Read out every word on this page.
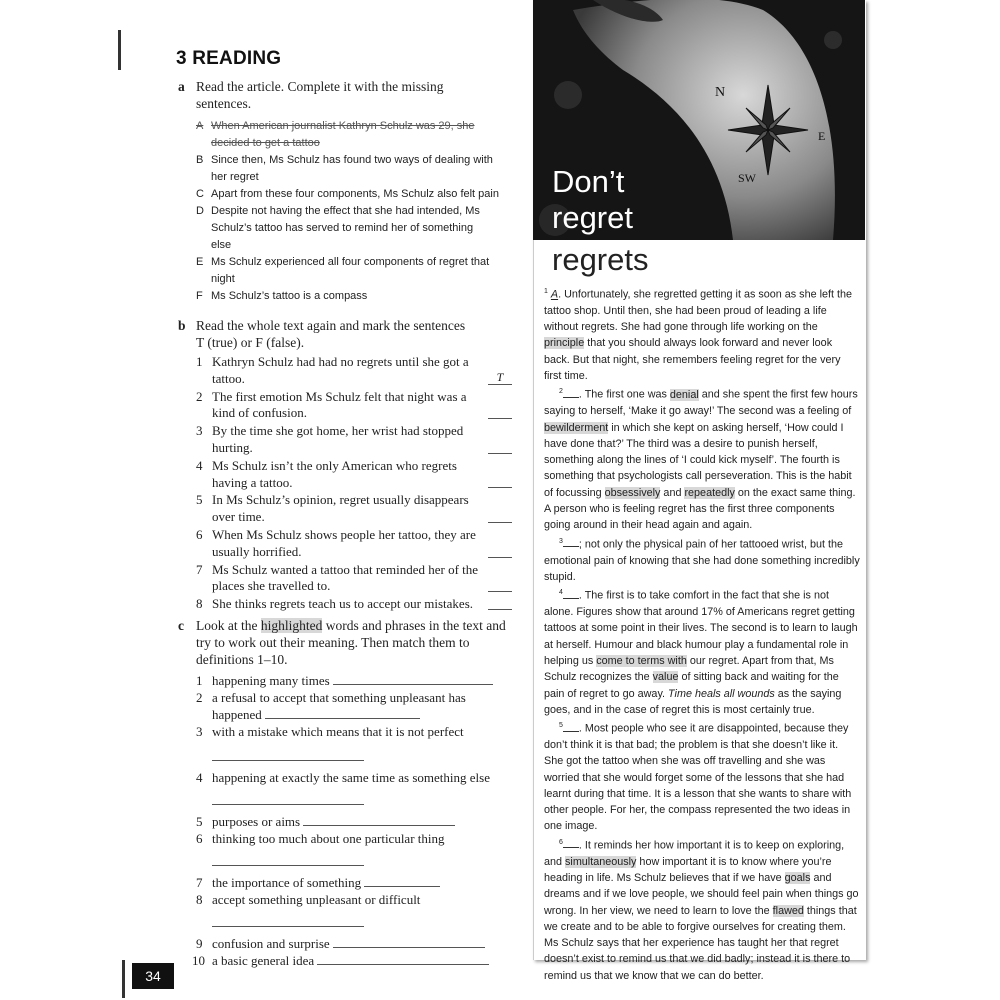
34
3 READING
a Read the article. Complete it with the missing sentences.
A When American journalist Kathryn Schulz was 29, she decided to get a tattoo
B Since then, Ms Schulz has found two ways of dealing with her regret
C Apart from these four components, Ms Schulz also felt pain
D Despite not having the effect that she had intended, Ms Schulz’s tattoo has served to remind her of something else
E Ms Schulz experienced all four components of regret that night
F Ms Schulz’s tattoo is a compass
b Read the whole text again and mark the sentences
T (true) or F (false).
1 Kathryn Schulz had had no regrets until she got a tattoo.	T
2 The first emotion Ms Schulz felt that night was a kind of confusion.
3 By the time she got home, her wrist had stopped hurting.
4 Ms Schulz isn’t the only American who regrets having a tattoo.
5 In Ms Schulz’s opinion, regret usually disappears over time.
6 When Ms Schulz shows people her tattoo, they are usually horrified.
7 Ms Schulz wanted a tattoo that reminded her of the places she travelled to.
8 She thinks regrets teach us to accept our mistakes.
c Look at the highlighted words and phrases in the text and try to work out their meaning. Then match them to definitions 1–10.
1 happening many times
2 a refusal to accept that something unpleasant has happened
3 with a mistake which means that it is not perfect

4 happening at exactly the same time as something else

5 purposes or aims
6 thinking too much about one particular thing

7 the importance of something
8 accept something unpleasant or difficult

9 confusion and surprise
10 a basic general idea
N
SW
E
Don’t
regret
regrets

$^1$ A. Unfortunately, she regretted getting it as soon as she left the tattoo shop. Until then, she had been proud of leading a life without regrets. She had gone through life working on the principle that you should always look forward and never look back. But that night, she remembers feeling regret for the very first time.

$^2$ . The first one was denial and she spent the first few hours saying to herself, ‘Make it go away!’ The second was a feeling of bewilderment in which she kept on asking herself, ‘How could I have done that?’ The third was a desire to punish herself, something along the lines of ‘I could kick myself’. The fourth is something that psychologists call perseveration. This is the habit of focussing obsessively and repeatedly on the exact same thing. A person who is feeling regret has the first three components going around in their head again and again.

$^3$ ; not only the physical pain of her tattooed wrist, but the emotional pain of knowing that she had done something incredibly stupid.

$^4$ . The first is to take comfort in the fact that she is not alone. Figures show that around 17% of Americans regret getting tattoos at some point in their lives. The second is to learn to laugh at herself. Humour and black humour play a fundamental role in helping us come to terms with our regret. Apart from that, Ms Schulz recognizes the value of sitting back and waiting for the pain of regret to go away. Time heals all wounds as the saying goes, and in the case of regret this is most certainly true.

$^5$ . Most people who see it are disappointed, because they don’t think it is that bad; the problem is that she doesn’t like it. She got the tattoo when she was off travelling and she was worried that she would forget some of the lessons that she had learnt during that time. It is a lesson that she wants to share with other people. For her, the compass represented the two ideas in one image.

$^6$ . It reminds her how important it is to keep on exploring, and simultaneously how important it is to know where you’re heading in life. Ms Schulz believes that if we have goals and dreams and if we love people, we should feel pain when things go wrong. In her view, we need to learn to love the flawed things that we create and to be able to forgive ourselves for creating them. Ms Schulz says that her experience has taught her that regret doesn’t exist to remind us that we did badly; instead it is there to remind us that we know that we can do better.
